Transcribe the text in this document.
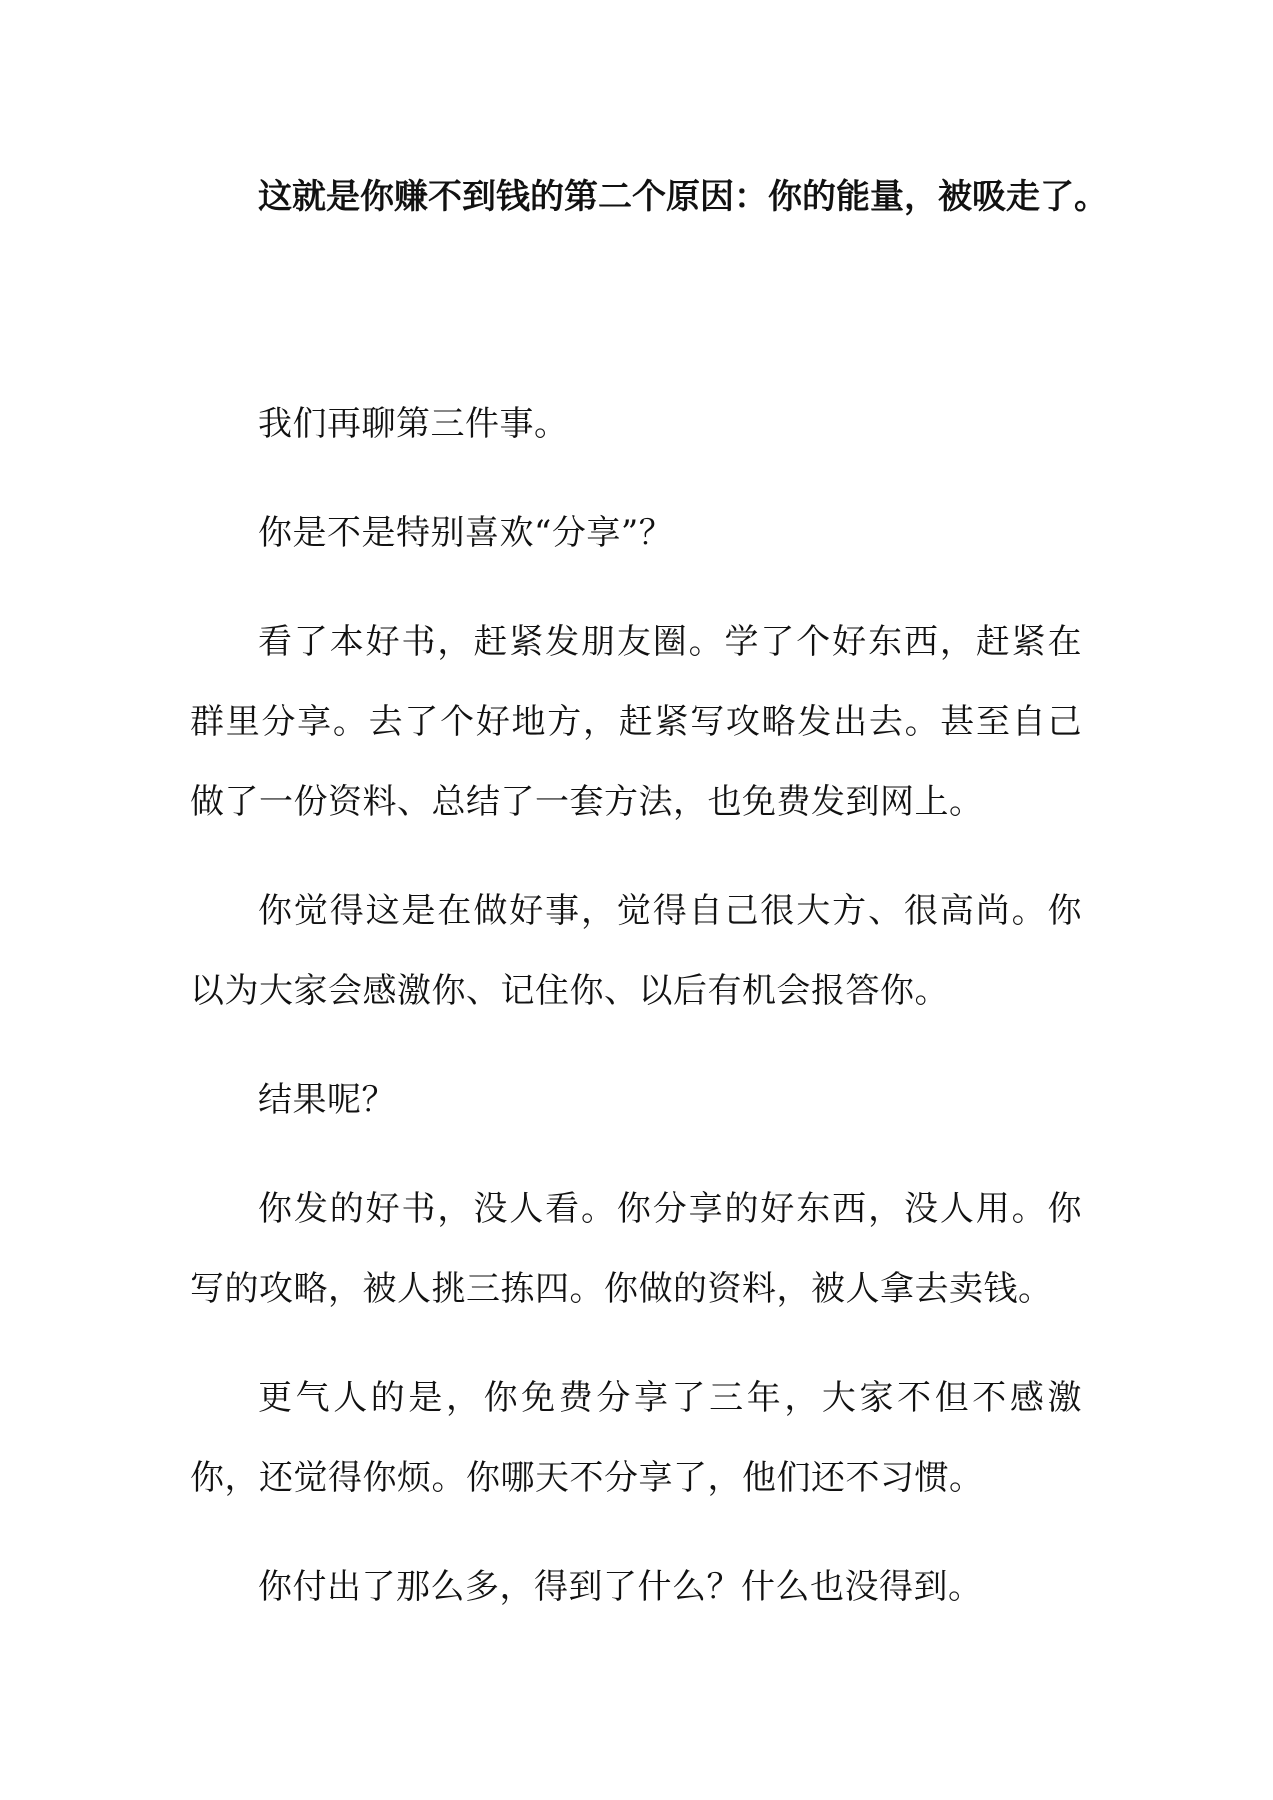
这就是你赚不到钱的第二个原因：你的能量，被吸走了。

我们再聊第三件事。

你是不是特别喜欢“分享”？

看了本好书，赶紧发朋友圈。学了个好东西，赶紧在群里分享。去了个好地方，赶紧写攻略发出去。甚至自己做了一份资料、总结了一套方法，也免费发到网上。

你觉得这是在做好事，觉得自己很大方、很高尚。你以为大家会感激你、记住你、以后有机会报答你。

结果呢？

你发的好书，没人看。你分享的好东西，没人用。你写的攻略，被人挑三拣四。你做的资料，被人拿去卖钱。

更气人的是，你免费分享了三年，大家不但不感激你，还觉得你烦。你哪天不分享了，他们还不习惯。

你付出了那么多，得到了什么？什么也没得到。
